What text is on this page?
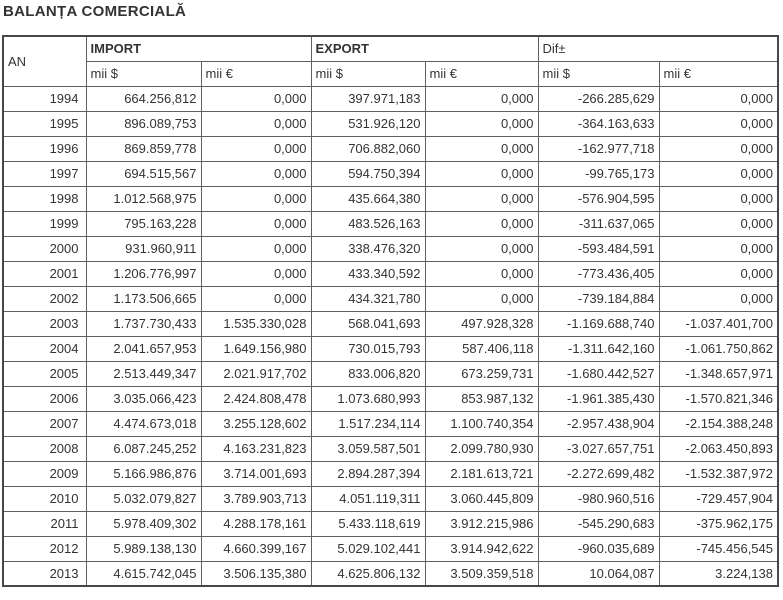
BALANȚA COMERCIALĂ
AN	IMPORT		EXPORT		Dif±	
	mii $	mii €	mii $	mii €	mii $	mii €
1994	664.256,812	0,000	397.971,183	0,000	-266.285,629	0,000
1995	896.089,753	0,000	531.926,120	0,000	-364.163,633	0,000
1996	869.859,778	0,000	706.882,060	0,000	-162.977,718	0,000
1997	694.515,567	0,000	594.750,394	0,000	-99.765,173	0,000
1998	1.012.568,975	0,000	435.664,380	0,000	-576.904,595	0,000
1999	795.163,228	0,000	483.526,163	0,000	-311.637,065	0,000
2000	931.960,911	0,000	338.476,320	0,000	-593.484,591	0,000
2001	1.206.776,997	0,000	433.340,592	0,000	-773.436,405	0,000
2002	1.173.506,665	0,000	434.321,780	0,000	-739.184,884	0,000
2003	1.737.730,433	1.535.330,028	568.041,693	497.928,328	-1.169.688,740	-1.037.401,700
2004	2.041.657,953	1.649.156,980	730.015,793	587.406,118	-1.311.642,160	-1.061.750,862
2005	2.513.449,347	2.021.917,702	833.006,820	673.259,731	-1.680.442,527	-1.348.657,971
2006	3.035.066,423	2.424.808,478	1.073.680,993	853.987,132	-1.961.385,430	-1.570.821,346
2007	4.474.673,018	3.255.128,602	1.517.234,114	1.100.740,354	-2.957.438,904	-2.154.388,248
2008	6.087.245,252	4.163.231,823	3.059.587,501	2.099.780,930	-3.027.657,751	-2.063.450,893
2009	5.166.986,876	3.714.001,693	2.894.287,394	2.181.613,721	-2.272.699,482	-1.532.387,972
2010	5.032.079,827	3.789.903,713	4.051.119,311	3.060.445,809	-980.960,516	-729.457,904
2011	5.978.409,302	4.288.178,161	5.433.118,619	3.912.215,986	-545.290,683	-375.962,175
2012	5.989.138,130	4.660.399,167	5.029.102,441	3.914.942,622	-960.035,689	-745.456,545
2013	4.615.742,045	3.506.135,380	4.625.806,132	3.509.359,518	10.064,087	3.224,138
